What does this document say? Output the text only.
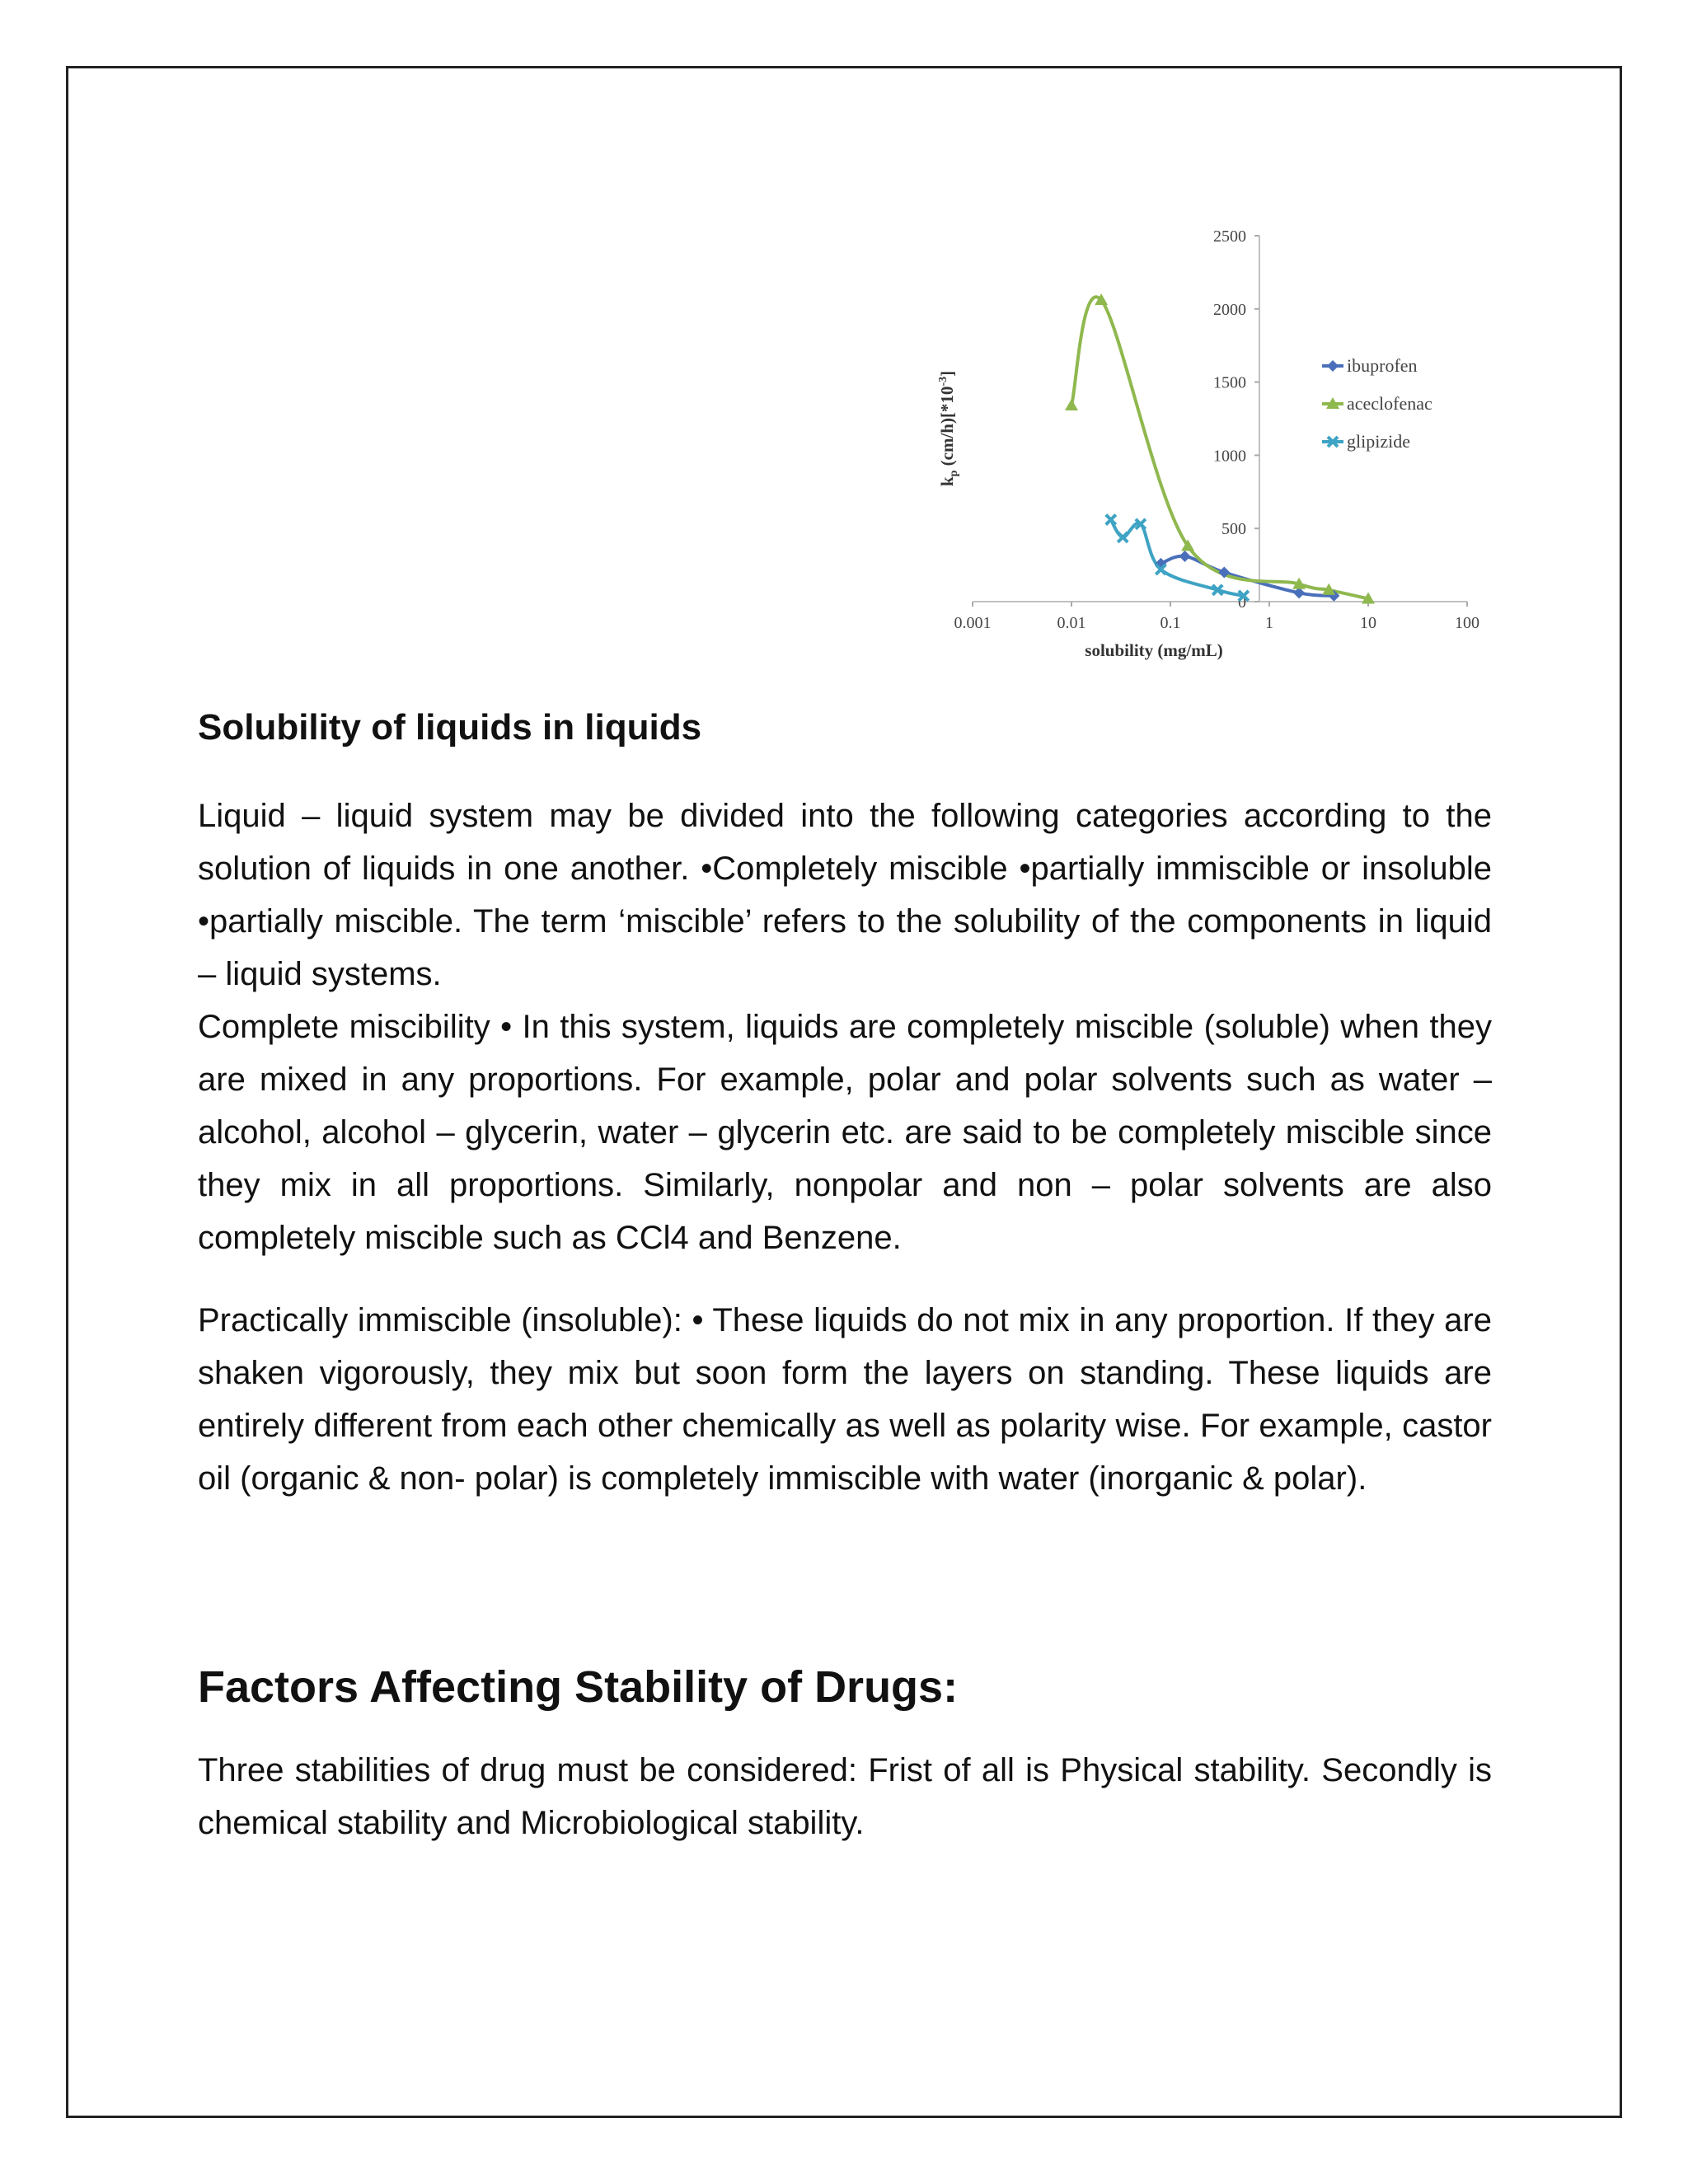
2500
2000
1500
1000
500
0
0.001	0.01	0.1	1	10	100
ibuprofen
aceclofenac
glipizide
solubility (mg/mL)
$k_p$ $(cm/h)[*10^{-3}]$
Solubility of liquids in liquids

Liquid – liquid system may be divided into the following categories according to the solution of liquids in one another. •Completely miscible •partially immiscible or insoluble •partially miscible. The term ‘miscible’ refers to the solubility of the components in liquid – liquid systems.

Complete miscibility • In this system, liquids are completely miscible (soluble) when they are mixed in any proportions. For example, polar and polar solvents such as water – alcohol, alcohol – glycerin, water – glycerin etc. are said to be completely miscible since they mix in all proportions. Similarly, nonpolar and non – polar solvents are also completely miscible such as CCl4 and Benzene.

Practically immiscible (insoluble): • These liquids do not mix in any proportion. If they are shaken vigorously, they mix but soon form the layers on standing. These liquids are entirely different from each other chemically as well as polarity wise. For example, castor oil (organic & non- polar) is completely immiscible with water (inorganic & polar).

Factors Affecting Stability of Drugs:

Three stabilities of drug must be considered: Frist of all is Physical stability. Secondly is chemical stability and Microbiological stability.
